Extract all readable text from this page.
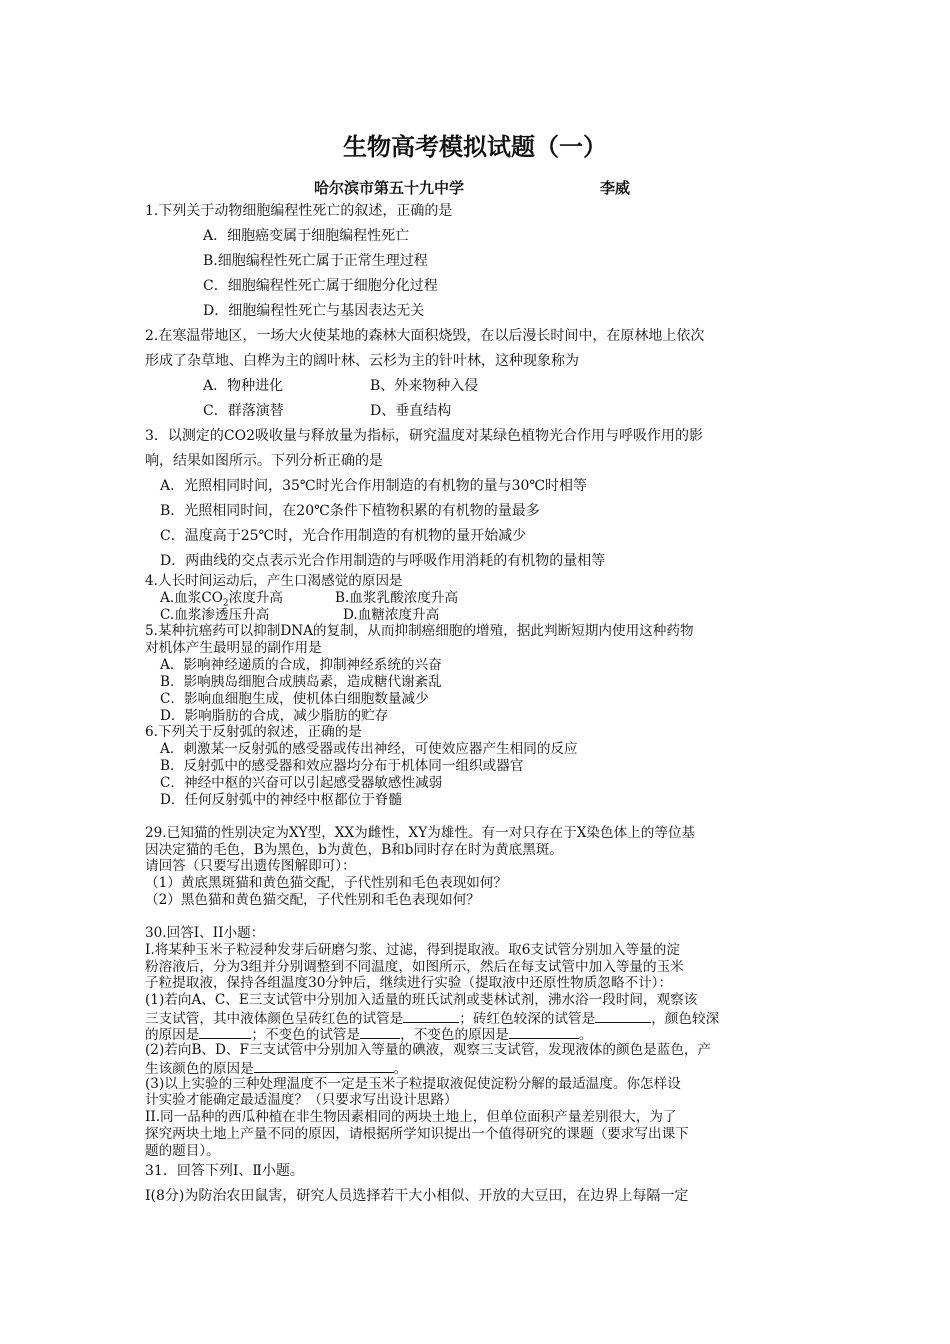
生物高考模拟试题（一）
哈尔滨市第五十九中学	李威
1.下列关于动物细胞编程性死亡的叙述，正确的是
A．细胞癌变属于细胞编程性死亡
B.细胞编程性死亡属于正常生理过程
C．细胞编程性死亡属于细胞分化过程
D．细胞编程性死亡与基因表达无关
2.在寒温带地区，一场大火使某地的森林大面积烧毁，在以后漫长时间中，在原林地上依次
形成了杂草地、白桦为主的阔叶林、云杉为主的针叶林，这种现象称为
A．物种进化	B、外来物种入侵
C．群落演替	D、垂直结构
3．以测定的CO2吸收量与释放量为指标，研究温度对某绿色植物光合作用与呼吸作用的影
响，结果如图所示。下列分析正确的是
A．光照相同时间，35℃时光合作用制造的有机物的量与30℃时相等
B．光照相同时间，在20℃条件下植物积累的有机物的量最多
C．温度高于25℃时，光合作用制造的有机物的量开始减少
D．两曲线的交点表示光合作用制造的与呼吸作用消耗的有机物的量相等
4.人长时间运动后，产生口渴感觉的原因是
A.血浆$CO_2$浓度升高	B.血浆乳酸浓度升高
C.血浆渗透压升高	D.血糖浓度升高
5.某种抗癌药可以抑制DNA的复制，从而抑制癌细胞的增殖，据此判断短期内使用这种药物
对机体产生最明显的副作用是
A．影响神经递质的合成，抑制神经系统的兴奋
B．影响胰岛细胞合成胰岛素，造成糖代谢紊乱
C．影响血细胞生成，使机体白细胞数量减少
D．影响脂肪的合成，减少脂肪的贮存
6.下列关于反射弧的叙述，正确的是
A．刺激某一反射弧的感受器或传出神经，可使效应器产生相同的反应
B．反射弧中的感受器和效应器均分布于机体同一组织或器官
C．神经中枢的兴奋可以引起感受器敏感性减弱
D．任何反射弧中的神经中枢都位于脊髓
29.已知猫的性别决定为XY型，XX为雌性，XY为雄性。有一对只存在于X染色体上的等位基
因决定猫的毛色，B为黑色，b为黄色，B和b同时存在时为黄底黑斑。
请回答（只要写出遗传图解即可）：
（1）黄底黑斑猫和黄色猫交配，子代性别和毛色表现如何？
（2）黑色猫和黄色猫交配，子代性别和毛色表现如何？
30.回答I、II小题：
I.将某种玉米子粒浸种发芽后研磨匀浆、过滤，得到提取液。取6支试管分别加入等量的淀
粉溶液后，分为3组并分别调整到不同温度，如图所示，然后在每支试管中加入等量的玉米
子粒提取液，保持各组温度30分钟后，继续进行实验（提取液中还原性物质忽略不计）：
(1)若向A、C、E三支试管中分别加入适量的班氏试剂或斐林试剂，沸水浴一段时间，观察该
三支试管，其中液体颜色呈砖红色的试管是	；砖红色较深的试管是	，颜色较深
的原因是	；不变色的试管是	，不变色的原因是	。
(2)若向B、D、F三支试管中分别加入等量的碘液，观察三支试管，发现液体的颜色是蓝色，产
生该颜色的原因是	。
(3)以上实验的三种处理温度不一定是玉米子粒提取液促使淀粉分解的最适温度。你怎样设
计实验才能确定最适温度？（只要求写出设计思路）
II.同一品种的西瓜种植在非生物因素相同的两块土地上，但单位面积产量差别很大，为了
探究两块土地上产量不同的原因，请根据所学知识提出一个值得研究的课题（要求写出课下
题的题目）。
31．回答下列Ⅰ、Ⅱ小题。
Ⅰ(8分)为防治农田鼠害，研究人员选择若干大小相似、开放的大豆田，在边界上每隔一定
